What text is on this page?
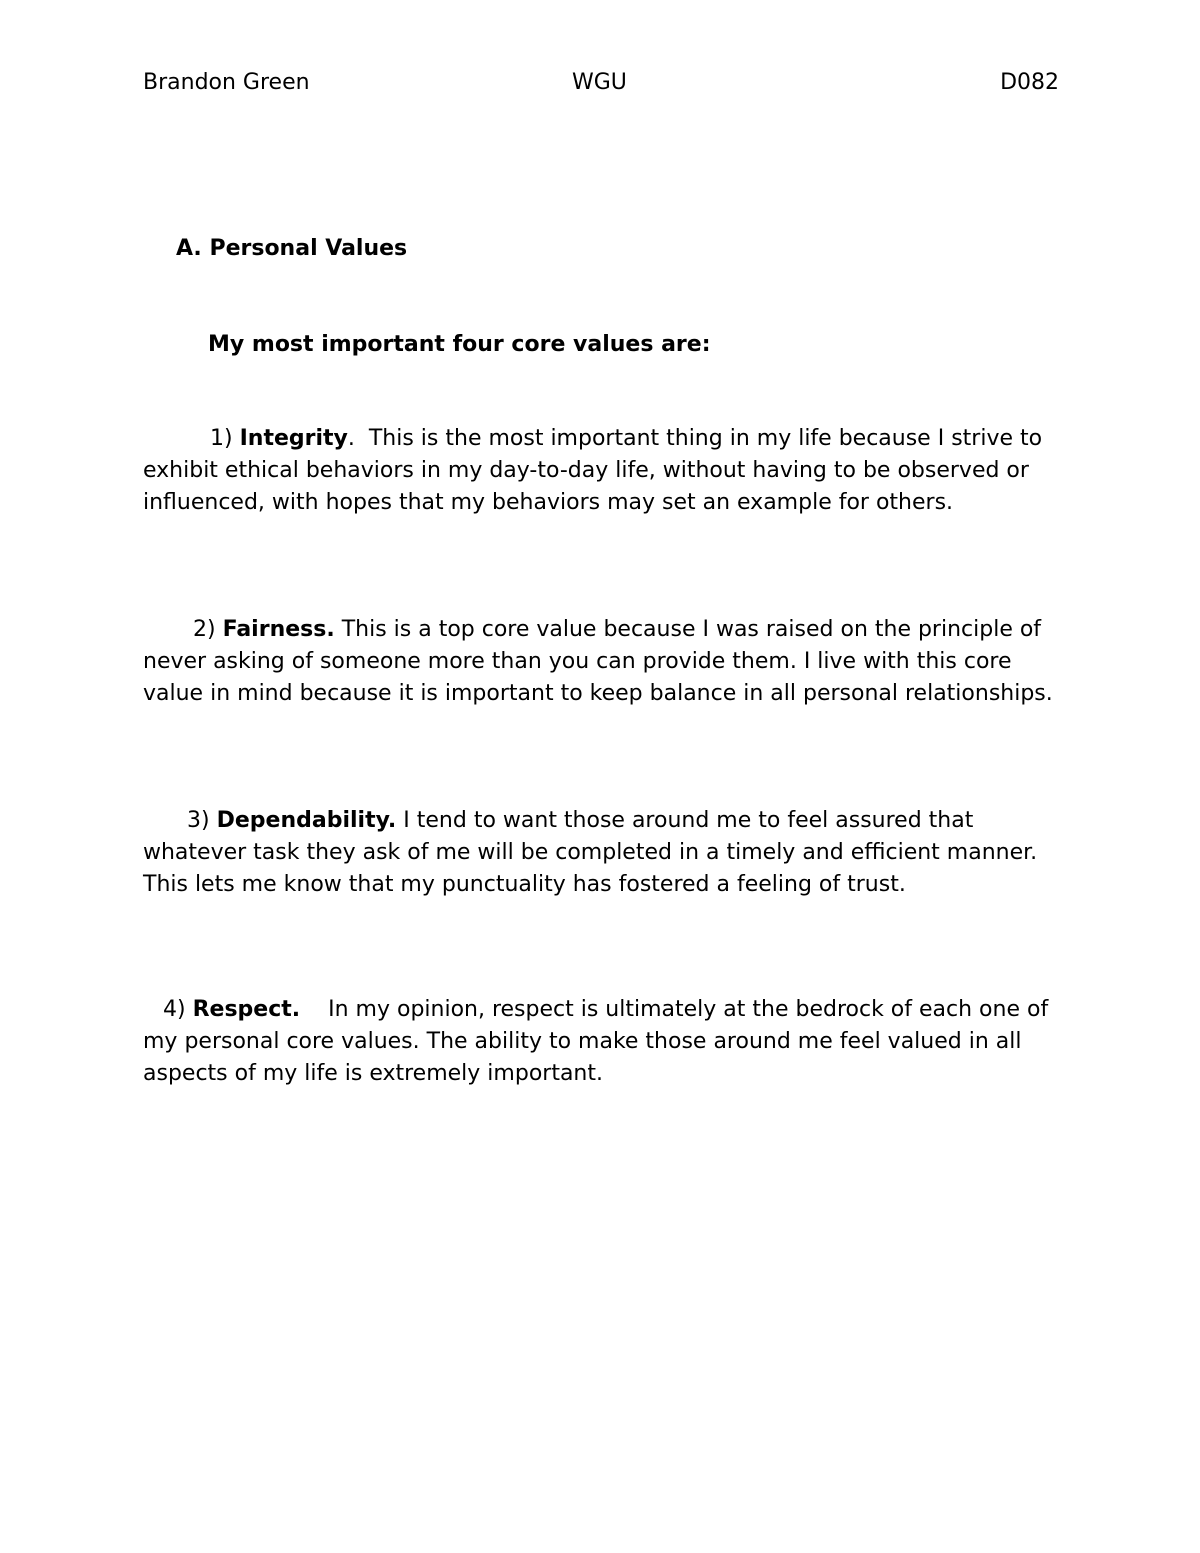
Brandon Green	WGU	D082
A. Personal Values
My most important four core values are:

1) Integrity.  This is the most important thing in my life because I strive to exhibit ethical behaviors in my day-to-day life, without having to be observed or influenced, with hopes that my behaviors may set an example for others.

2) Fairness. This is a top core value because I was raised on the principle of never asking of someone more than you can provide them. I live with this core value in mind because it is important to keep balance in all personal relationships.

3) Dependability. I tend to want those around me to feel assured that whatever task they ask of me will be completed in a timely and efficient manner. This lets me know that my punctuality has fostered a feeling of trust.

4) Respect.    In my opinion, respect is ultimately at the bedrock of each one of my personal core values. The ability to make those around me feel valued in all aspects of my life is extremely important.
